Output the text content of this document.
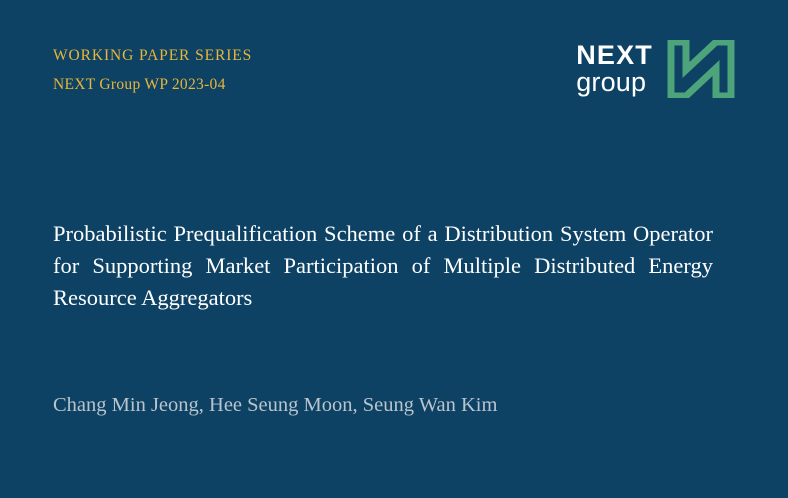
WORKING PAPER SERIES
NEXT Group WP 2023-04
NEXT
group
Probabilistic Prequalification Scheme of a Distribution System Operator for Supporting Market Participation of Multiple Distributed Energy Resource Aggregators
Chang Min Jeong, Hee Seung Moon, Seung Wan Kim
